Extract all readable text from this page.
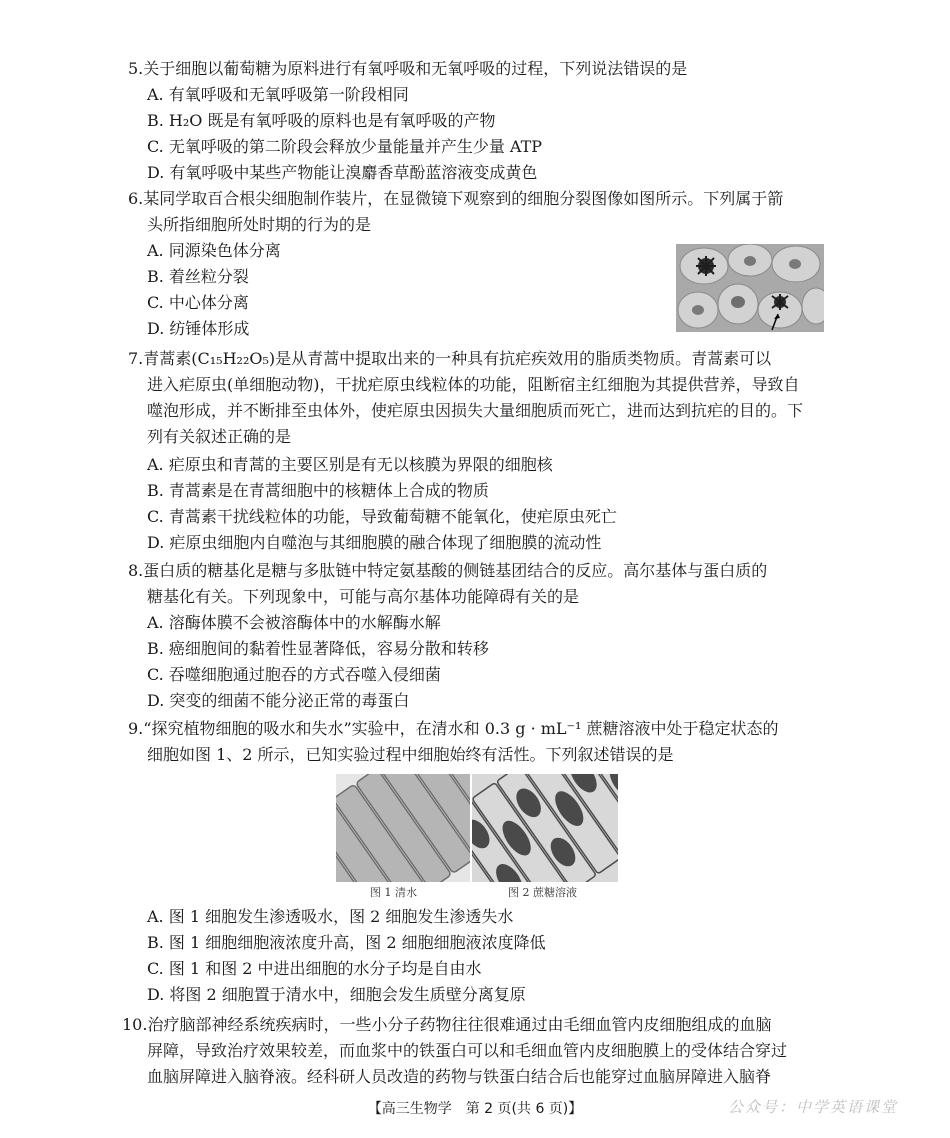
5.关于细胞以葡萄糖为原料进行有氧呼吸和无氧呼吸的过程，下列说法错误的是
A. 有氧呼吸和无氧呼吸第一阶段相同
B. H₂O 既是有氧呼吸的原料也是有氧呼吸的产物
C. 无氧呼吸的第二阶段会释放少量能量并产生少量 ATP
D. 有氧呼吸中某些产物能让溴麝香草酚蓝溶液变成黄色
6.某同学取百合根尖细胞制作装片，在显微镜下观察到的细胞分裂图像如图所示。下列属于箭
头所指细胞所处时期的行为的是
A. 同源染色体分离
B. 着丝粒分裂
C. 中心体分离
D. 纺锤体形成
7.青蒿素(C₁₅H₂₂O₅)是从青蒿中提取出来的一种具有抗疟疾效用的脂质类物质。青蒿素可以
进入疟原虫(单细胞动物)，干扰疟原虫线粒体的功能，阻断宿主红细胞为其提供营养，导致自
噬泡形成，并不断排至虫体外，使疟原虫因损失大量细胞质而死亡，进而达到抗疟的目的。下
列有关叙述正确的是
A. 疟原虫和青蒿的主要区别是有无以核膜为界限的细胞核
B. 青蒿素是在青蒿细胞中的核糖体上合成的物质
C. 青蒿素干扰线粒体的功能，导致葡萄糖不能氧化，使疟原虫死亡
D. 疟原虫细胞内自噬泡与其细胞膜的融合体现了细胞膜的流动性
8.蛋白质的糖基化是糖与多肽链中特定氨基酸的侧链基团结合的反应。高尔基体与蛋白质的
糖基化有关。下列现象中，可能与高尔基体功能障碍有关的是
A. 溶酶体膜不会被溶酶体中的水解酶水解
B. 癌细胞间的黏着性显著降低，容易分散和转移
C. 吞噬细胞通过胞吞的方式吞噬入侵细菌
D. 突变的细菌不能分泌正常的毒蛋白
9.“探究植物细胞的吸水和失水”实验中，在清水和 0.3 g · mL⁻¹ 蔗糖溶液中处于稳定状态的
细胞如图 1、2 所示，已知实验过程中细胞始终有活性。下列叙述错误的是
图 1 清水	图 2 蔗糖溶液
A. 图 1 细胞发生渗透吸水，图 2 细胞发生渗透失水
B. 图 1 细胞细胞液浓度升高，图 2 细胞细胞液浓度降低
C. 图 1 和图 2 中进出细胞的水分子均是自由水
D. 将图 2 细胞置于清水中，细胞会发生质壁分离复原
10.治疗脑部神经系统疾病时，一些小分子药物往往很难通过由毛细血管内皮细胞组成的血脑
屏障，导致治疗效果较差，而血浆中的铁蛋白可以和毛细血管内皮细胞膜上的受体结合穿过
血脑屏障进入脑脊液。经科研人员改造的药物与铁蛋白结合后也能穿过血脑屏障进入脑脊
【高三生物学　第 2 页(共 6 页)】	公众号：中学英语课堂
